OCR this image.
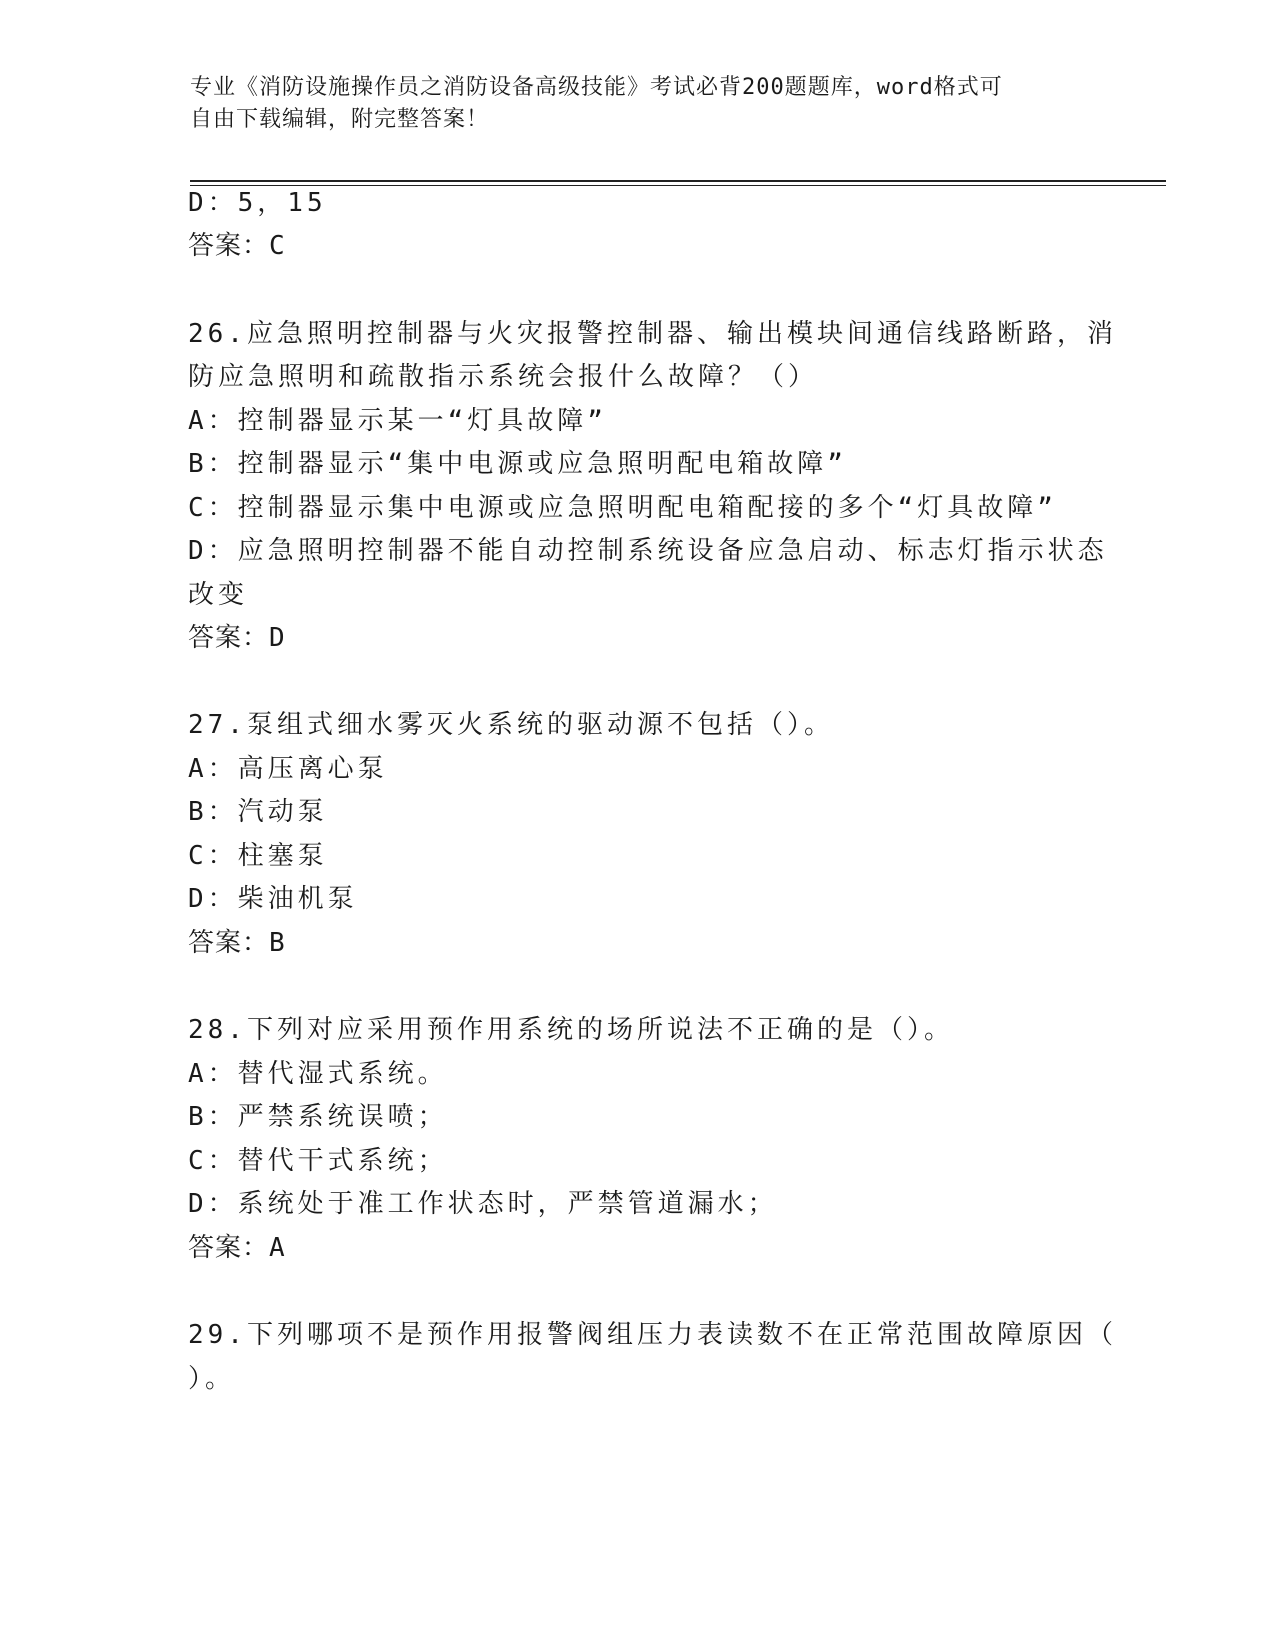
专业《消防设施操作员之消防设备高级技能》考试必背200题题库，word格式可
自由下载编辑，附完整答案！
D：5，15
答案：C
26.应急照明控制器与火灾报警控制器、输出模块间通信线路断路，消
防应急照明和疏散指示系统会报什么故障？（）
A：控制器显示某一“灯具故障”
B：控制器显示“集中电源或应急照明配电箱故障”
C：控制器显示集中电源或应急照明配电箱配接的多个“灯具故障”
D：应急照明控制器不能自动控制系统设备应急启动、标志灯指示状态
改变
答案：D
27.泵组式细水雾灭火系统的驱动源不包括（）。
A：高压离心泵
B：汽动泵
C：柱塞泵
D：柴油机泵
答案：B
28.下列对应采用预作用系统的场所说法不正确的是（）。
A：替代湿式系统。
B：严禁系统误喷；
C：替代干式系统；
D：系统处于准工作状态时，严禁管道漏水；
答案：A
29.下列哪项不是预作用报警阀组压力表读数不在正常范围故障原因（
）。
